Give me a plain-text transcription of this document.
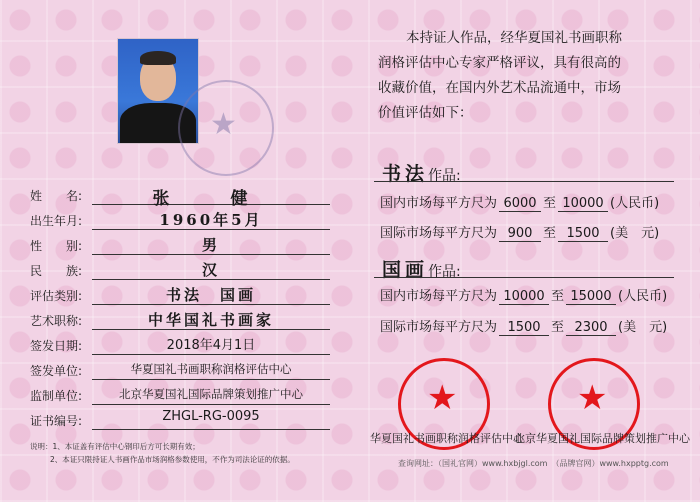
★
姓　　名:	张　健
出生年月:	1960年5月
性　　别:	男
民　　族:	汉
评估类别:	书法　国画
艺术职称:	中华国礼书画家
签发日期:	2018年4月1日
签发单位:	华夏国礼书画职称润格评估中心
监制单位:	北京华夏国礼国际品牌策划推广中心
证书编号:	ZHGL-RG-0095

本持证人作品，经华夏国礼书画职称

润格评估中心专家严格评议，具有很高的

收藏价值，在国内外艺术品流通中，市场

价值评估如下：

书法作品:
国内市场每平方尺为 6000 至 10000 (人民币)
国际市场每平方尺为 900 至 1500 (美　元)
国画作品:
国内市场每平方尺为 10000 至 15000 (人民币)
国际市场每平方尺为 1500 至 2300 (美　元)
★
华夏国礼书画职称润格评估中心
★
北京华夏国礼国际品牌策划推广中心

说明：1、本证盖有评估中心钢印后方可长期有效；

2、本证只限持证人书画作品市场润格参数使用，不作为司法论证的依据。	查询网址：（国礼官网）www.hxbjgl.com　（品牌官网）www.hxpptg.com
